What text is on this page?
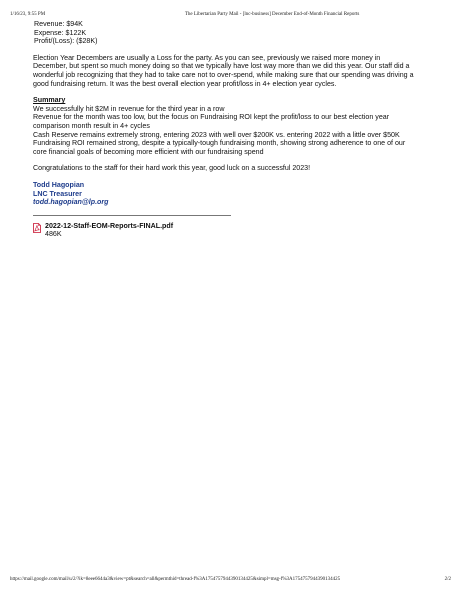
1/16/23, 9:55 PM	The Libertarian Party Mail - [lnc-business] December End-of-Month Financial Reports
Revenue: $94K
Expense: $122K
Profit/(Loss): ($28K)
Election Year Decembers are usually a Loss for the party. As you can see, previously we raised more money in
December, but spent so much money doing so that we typically have lost way more than we did this year. Our staff did a
wonderful job recognizing that they had to take care not to over-spend, while making sure that our spending was driving a
good fundraising return. It was the best overall election year profit/loss in 4+ election year cycles.
Summary
We successfully hit $2M in revenue for the third year in a row
Revenue for the month was too low, but the focus on Fundraising ROI kept the profit/loss to our best election year
comparison month result in 4+ cycles
Cash Reserve remains extremely strong, entering 2023 with well over $200K vs. entering 2022 with a little over $50K
Fundraising ROI remained strong, despite a typically-tough fundraising month, showing strong adherence to one of our
core financial goals of becoming more efficient with our fundraising spend
Congratulations to the staff for their hard work this year, good luck on a successful 2023!
Todd Hagopian
LNC Treasurer
todd.hagopian@lp.org
2022-12-Staff-EOM-Reports-FINAL.pdf
486K
https://mail.google.com/mail/u/2/?ik=8eee6644a3&view=pt&search=all&permthid=thread-f%3A1754757944390134425&simpl=msg-f%3A1754757944390134425	2/2
